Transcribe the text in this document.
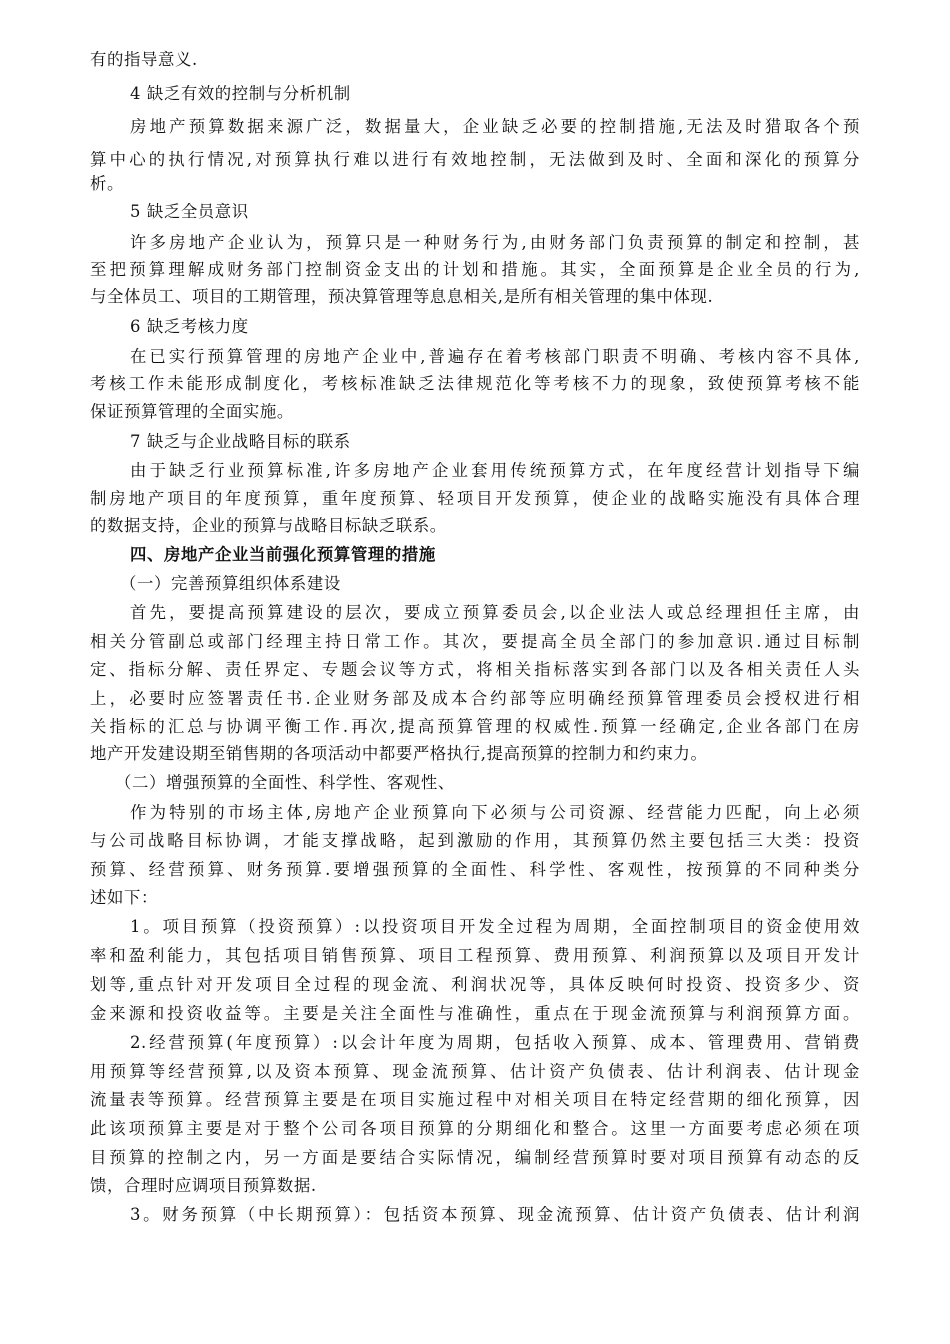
有的指导意义.
4 缺乏有效的控制与分析机制
房地产预算数据来源广泛，数据量大，企业缺乏必要的控制措施,无法及时猎取各个预
算中心的执行情况,对预算执行难以进行有效地控制，无法做到及时、全面和深化的预算分
析。
5 缺乏全员意识
许多房地产企业认为，预算只是一种财务行为,由财务部门负责预算的制定和控制，甚
至把预算理解成财务部门控制资金支出的计划和措施。其实，全面预算是企业全员的行为,
与全体员工、项目的工期管理，预决算管理等息息相关,是所有相关管理的集中体现.
6 缺乏考核力度
在已实行预算管理的房地产企业中,普遍存在着考核部门职责不明确、考核内容不具体,
考核工作未能形成制度化，考核标准缺乏法律规范化等考核不力的现象，致使预算考核不能
保证预算管理的全面实施。
7 缺乏与企业战略目标的联系
由于缺乏行业预算标准,许多房地产企业套用传统预算方式，在年度经营计划指导下编
制房地产项目的年度预算，重年度预算、轻项目开发预算，使企业的战略实施没有具体合理
的数据支持，企业的预算与战略目标缺乏联系。
四、房地产企业当前强化预算管理的措施
（一）完善预算组织体系建设
首先，要提高预算建设的层次，要成立预算委员会,以企业法人或总经理担任主席，由
相关分管副总或部门经理主持日常工作。其次，要提高全员全部门的参加意识.通过目标制
定、指标分解、责任界定、专题会议等方式，将相关指标落实到各部门以及各相关责任人头
上，必要时应签署责任书.企业财务部及成本合约部等应明确经预算管理委员会授权进行相
关指标的汇总与协调平衡工作.再次,提高预算管理的权威性.预算一经确定,企业各部门在房
地产开发建设期至销售期的各项活动中都要严格执行,提高预算的控制力和约束力。
（二）增强预算的全面性、科学性、客观性、
作为特别的市场主体,房地产企业预算向下必须与公司资源、经营能力匹配，向上必须
与公司战略目标协调，才能支撑战略，起到激励的作用，其预算仍然主要包括三大类：投资
预算、经营预算、财务预算.要增强预算的全面性、科学性、客观性，按预算的不同种类分
述如下：
1。项目预算（投资预算）:以投资项目开发全过程为周期，全面控制项目的资金使用效
率和盈利能力，其包括项目销售预算、项目工程预算、费用预算、利润预算以及项目开发计
划等,重点针对开发项目全过程的现金流、利润状况等，具体反映何时投资、投资多少、资
金来源和投资收益等。主要是关注全面性与准确性，重点在于现金流预算与利润预算方面。
2.经营预算(年度预算）:以会计年度为周期，包括收入预算、成本、管理费用、营销费
用预算等经营预算,以及资本预算、现金流预算、估计资产负债表、估计利润表、估计现金
流量表等预算。经营预算主要是在项目实施过程中对相关项目在特定经营期的细化预算，因
此该项预算主要是对于整个公司各项目预算的分期细化和整合。这里一方面要考虑必须在项
目预算的控制之内，另一方面是要结合实际情况，编制经营预算时要对项目预算有动态的反
馈，合理时应调项目预算数据.
3。财务预算（中长期预算）：包括资本预算、现金流预算、估计资产负债表、估计利润
